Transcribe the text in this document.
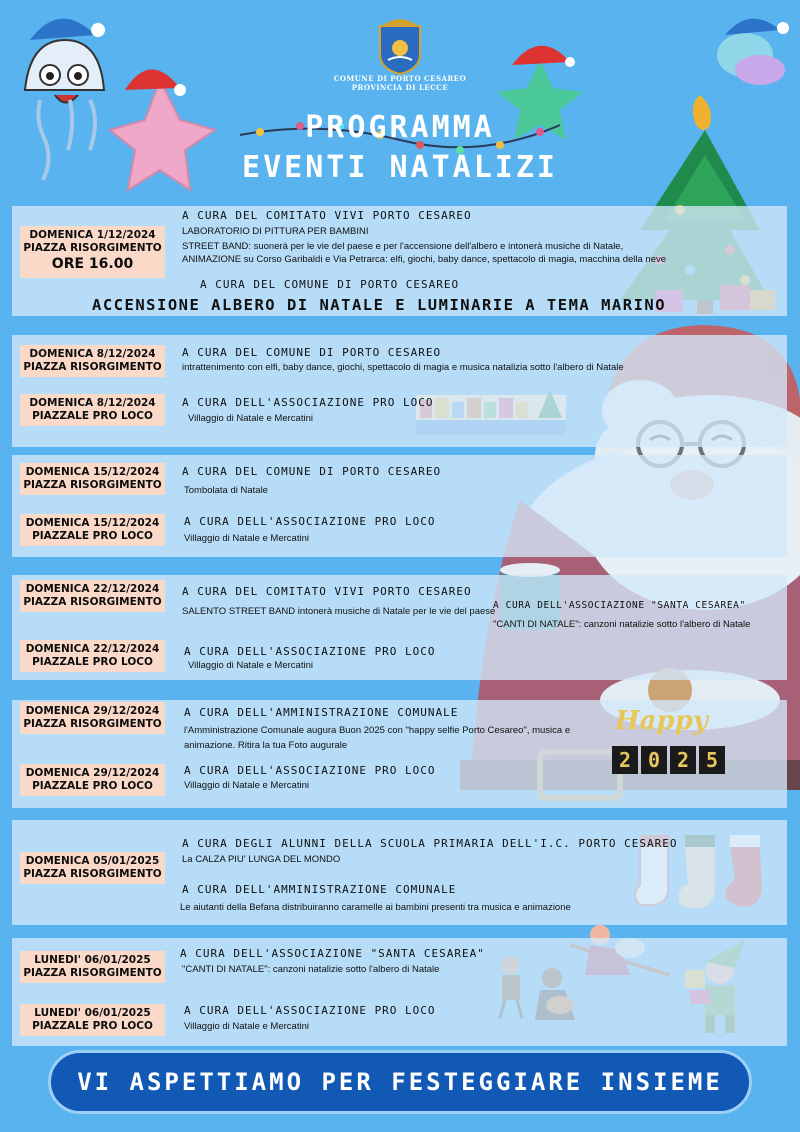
COMUNE DI PORTO CESAREO
PROVINCIA DI LECCE
PROGRAMMA
EVENTI NATALIZI
DOMENICA 1/12/2024
PIAZZA RISORGIMENTO
ORE 16.00
A CURA DEL COMITATO VIVI PORTO CESAREO
LABORATORIO DI PITTURA PER BAMBINI
STREET BAND: suonerà per le vie del paese e per l'accensione dell'albero e intonerà musiche di Natale,
ANIMAZIONE su Corso Garibaldi e Via Petrarca: elfi, giochi, baby dance, spettacolo di magia, macchina della neve
A CURA DEL COMUNE DI PORTO CESAREO
ACCENSIONE ALBERO DI NATALE E LUMINARIE A TEMA MARINO
DOMENICA 8/12/2024
PIAZZA RISORGIMENTO
A CURA DEL COMUNE DI PORTO CESAREO
intrattenimento con elfi, baby dance, giochi, spettacolo di magia e musica natalizia sotto l'albero di Natale
DOMENICA 8/12/2024
PIAZZALE PRO LOCO
A CURA DELL'ASSOCIAZIONE PRO LOCO
Villaggio di Natale e Mercatini
DOMENICA 15/12/2024
PIAZZA RISORGIMENTO
A CURA DEL COMUNE DI PORTO CESAREO
Tombolata di Natale
DOMENICA 15/12/2024
PIAZZALE PRO LOCO
A CURA DELL'ASSOCIAZIONE PRO LOCO
Villaggio di Natale e Mercatini
DOMENICA 22/12/2024
PIAZZA RISORGIMENTO
A CURA DEL COMITATO VIVI PORTO CESAREO
SALENTO STREET BAND intonerà musiche di Natale per le vie del paese
A CURA DELL'ASSOCIAZIONE "SANTA CESAREA"
"CANTI DI NATALE": canzoni natalizie sotto l'albero di Natale
DOMENICA 22/12/2024
PIAZZALE PRO LOCO
A CURA DELL'ASSOCIAZIONE PRO LOCO
Villaggio di Natale e Mercatini
DOMENICA 29/12/2024
PIAZZA RISORGIMENTO
A CURA DELL'AMMINISTRAZIONE COMUNALE
l'Amministrazione Comunale augura Buon 2025 con "happy selfie Porto Cesareo", musica e
animazione. Ritira la tua Foto augurale
DOMENICA 29/12/2024
PIAZZALE PRO LOCO
A CURA DELL'ASSOCIAZIONE PRO LOCO
Villaggio di Natale e Mercatini
Happy
2 0 2 5
DOMENICA 05/01/2025
PIAZZA RISORGIMENTO
A CURA DEGLI ALUNNI DELLA SCUOLA PRIMARIA DELL'I.C. PORTO CESAREO
La CALZA PIU' LUNGA DEL MONDO
A CURA DELL'AMMINISTRAZIONE COMUNALE
Le aiutanti della Befana distribuiranno caramelle ai bambini presenti tra musica e animazione
LUNEDI' 06/01/2025
PIAZZA RISORGIMENTO
A CURA DELL'ASSOCIAZIONE "SANTA CESAREA"
"CANTI DI NATALE": canzoni natalizie sotto l'albero di Natale
LUNEDI' 06/01/2025
PIAZZALE PRO LOCO
A CURA DELL'ASSOCIAZIONE PRO LOCO
Villaggio di Natale e Mercatini
VI ASPETTIAMO PER FESTEGGIARE INSIEME
